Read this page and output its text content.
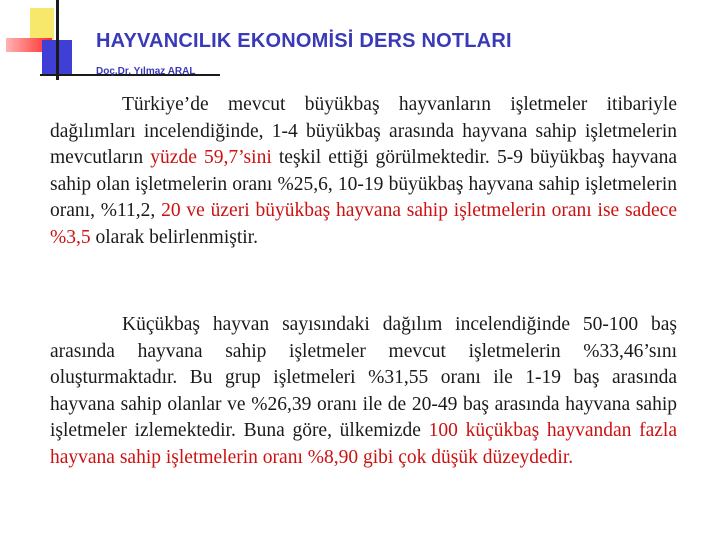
HAYVANCILIK EKONOMİSİ DERS NOTLARI
Doç.Dr. Yılmaz ARAL

Türkiye’de mevcut büyükbaş hayvanların işletmeler itibariyle dağılımları incelendiğinde, 1-4 büyükbaş arasında hayvana sahip işletmelerin mevcutların yüzde 59,7’sini teşkil ettiği görülmektedir. 5-9 büyükbaş hayvana sahip olan işletmelerin oranı %25,6, 10-19 büyükbaş hayvana sahip işletmelerin oranı, %11,2, 20 ve üzeri büyükbaş hayvana sahip işletmelerin oranı ise sadece %3,5 olarak belirlenmiştir.

Küçükbaş hayvan sayısındaki dağılım incelendiğinde 50-100 baş arasında hayvana sahip işletmeler mevcut işletmelerin %33,46’sını oluşturmaktadır. Bu grup işletmeleri %31,55 oranı ile 1-19 baş arasında hayvana sahip olanlar ve %26,39 oranı ile de 20-49 baş arasında hayvana sahip işletmeler izlemektedir. Buna göre, ülkemizde 100 küçükbaş hayvandan fazla hayvana sahip işletmelerin oranı %8,90 gibi çok düşük düzeydedir.
